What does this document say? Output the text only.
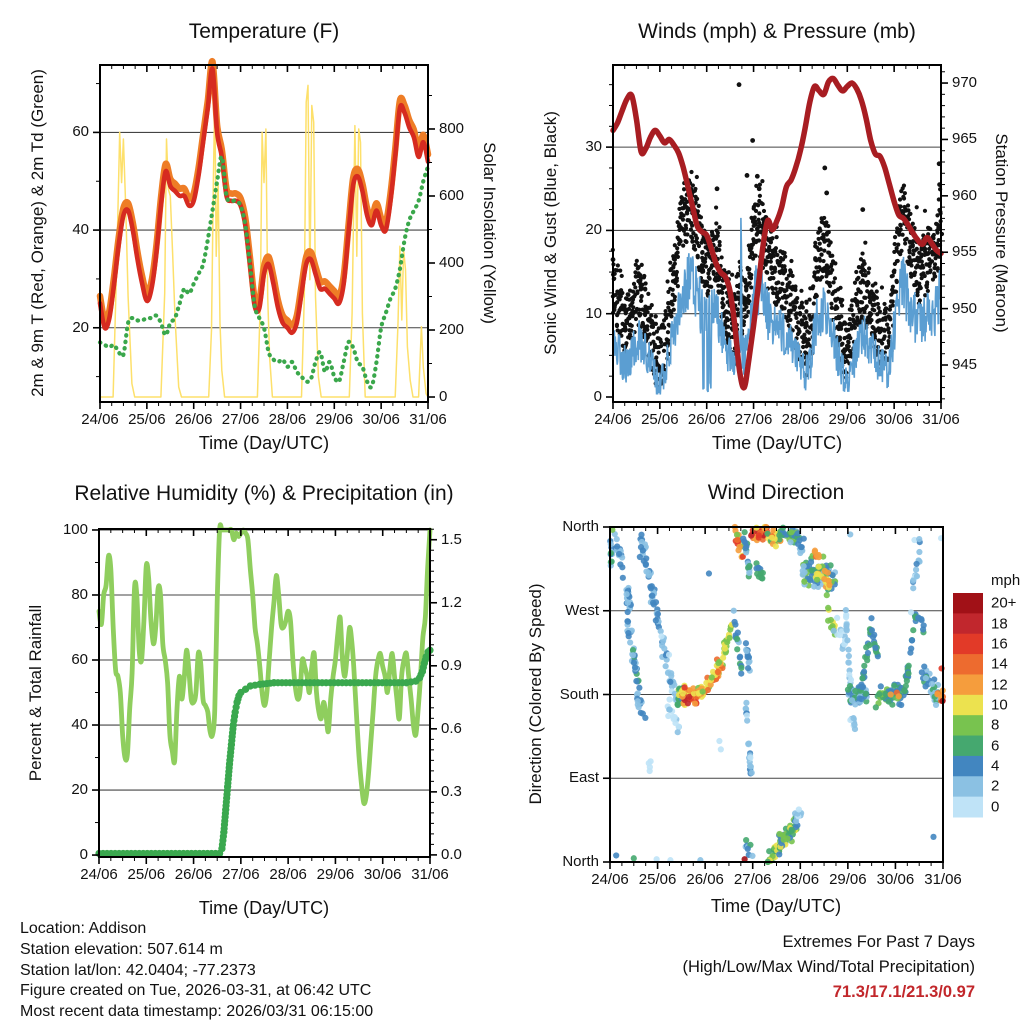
Temperature (F)	Winds (mph) & Pressure (mb)
Relative Humidity (%) & Precipitation (in)	Wind Direction
Time (Day/UTC)	Time (Day/UTC)
Time (Day/UTC)	Time (Day/UTC)
2m & 9m T (Red, Orange) & 2m Td (Green)	Solar Insolation (Yellow) Sonic Wind & Gust (Blue, Black)	Station Pressure (Maroon)
Percent & Total Rainfall	Direction (Colored By Speed)
mph
Location: Addison
Station elevation: 507.614 m
Station lat/lon: 42.0404; -77.2373
Figure created on Tue, 2026-03-31, at 06:42 UTC
Most recent data timestamp: 2026/03/31 06:15:00
Extremes For Past 7 Days
(High/Low/Max Wind/Total Precipitation)
71.3/17.1/21.3/0.97
24/06 25/06 26/06 27/06 28/06 29/06 30/06 31/06
20
40
60
0
200
400
600
800
24/06 25/06 26/06 27/06 28/06 29/06 30/06 31/06
0
10
20
30
945
950
955
960
965
970
24/06 25/06 26/06 27/06 28/06 29/06 30/06 31/06
0
20
40
60
80
100
0.0
0.3
0.6
0.9
1.2
1.5
24/06 25/06 26/06 27/06 28/06 29/06 30/06 31/06
North
East
South
West
North
20+
18
16
14
12
10
8
6
4
2
0
